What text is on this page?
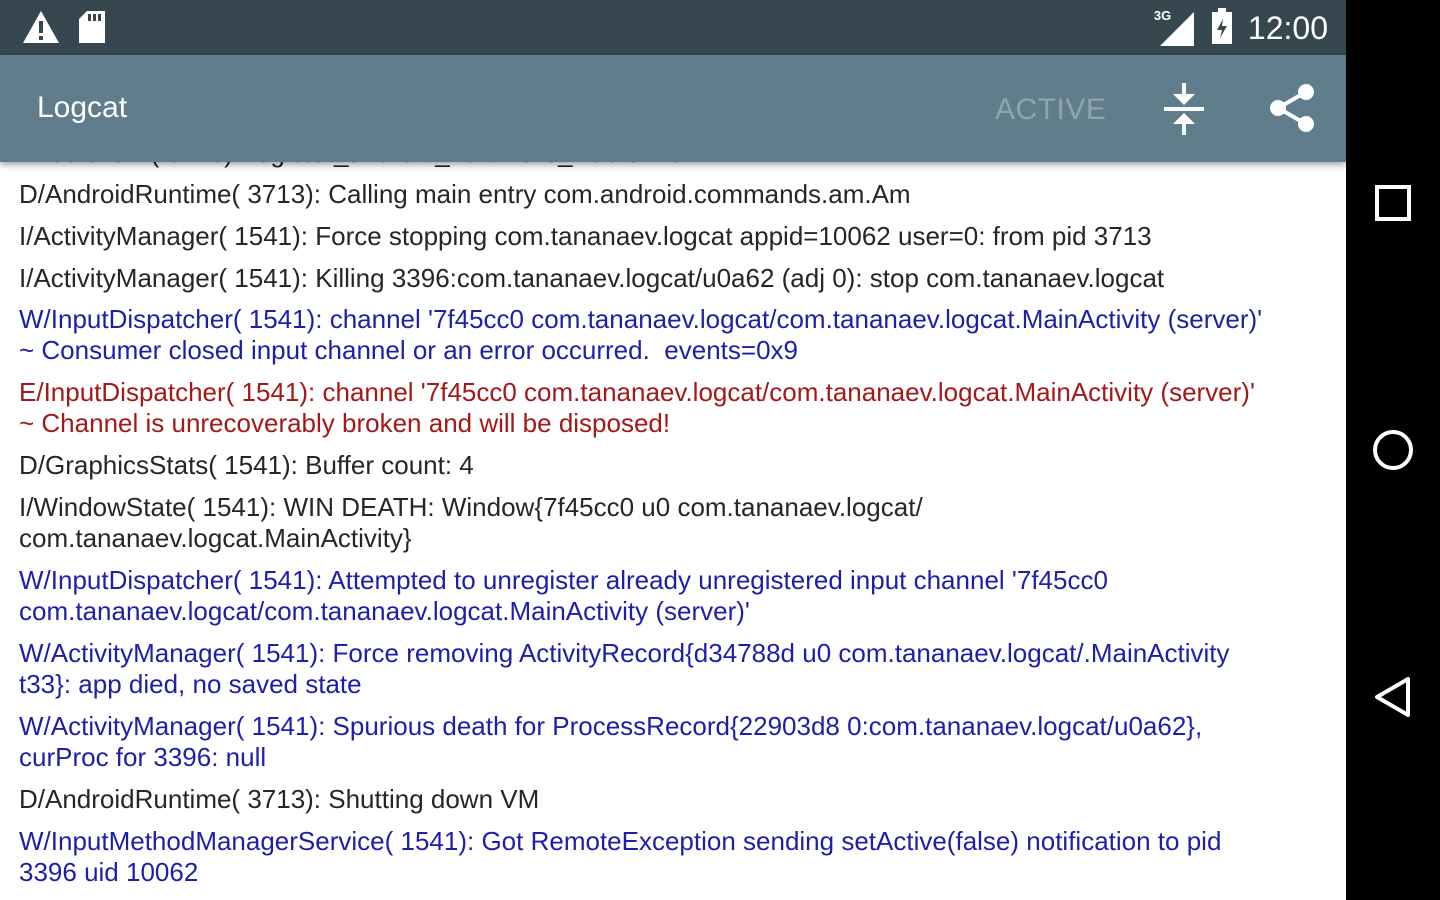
3G 12:00
Logcat	ACTIVE
D/AndroidRuntime( 3713): Calling main entry com.android.commands.am.Am
I/ActivityManager( 1541): Force stopping com.tananaev.logcat appid=10062 user=0: from pid 3713
I/ActivityManager( 1541): Killing 3396:com.tananaev.logcat/u0a62 (adj 0): stop com.tananaev.logcat
W/InputDispatcher( 1541): channel '7f45cc0 com.tananaev.logcat/com.tananaev.logcat.MainActivity (server)'
~ Consumer closed input channel or an error occurred.  events=0x9
E/InputDispatcher( 1541): channel '7f45cc0 com.tananaev.logcat/com.tananaev.logcat.MainActivity (server)'
~ Channel is unrecoverably broken and will be disposed!
D/GraphicsStats( 1541): Buffer count: 4
I/WindowState( 1541): WIN DEATH: Window{7f45cc0 u0 com.tananaev.logcat/
com.tananaev.logcat.MainActivity}
W/InputDispatcher( 1541): Attempted to unregister already unregistered input channel '7f45cc0
com.tananaev.logcat/com.tananaev.logcat.MainActivity (server)'
W/ActivityManager( 1541): Force removing ActivityRecord{d34788d u0 com.tananaev.logcat/.MainActivity
t33}: app died, no saved state
W/ActivityManager( 1541): Spurious death for ProcessRecord{22903d8 0:com.tananaev.logcat/u0a62},
curProc for 3396: null
D/AndroidRuntime( 3713): Shutting down VM
W/InputMethodManagerService( 1541): Got RemoteException sending setActive(false) notification to pid
3396 uid 10062
